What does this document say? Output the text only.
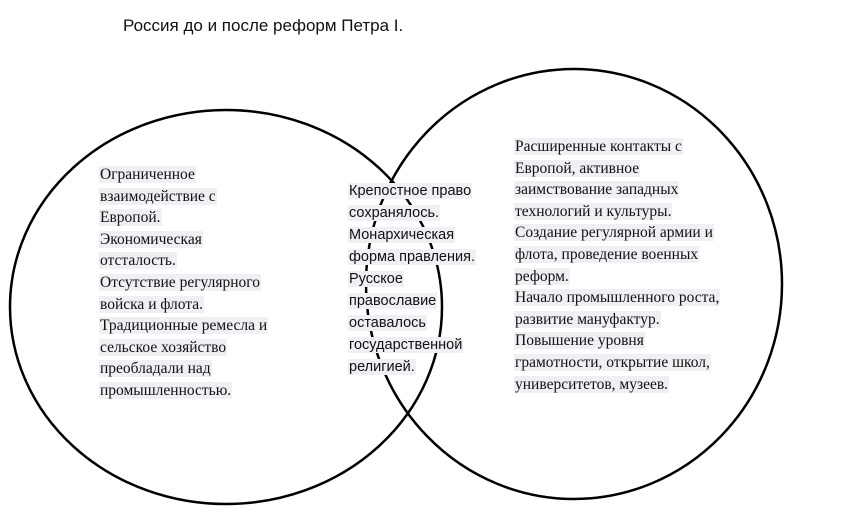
Россия до и после реформ Петра I.
Ограниченное
взаимодействие с
Европой.
Экономическая
отсталость.
Отсутствие регулярного
войска и флота.
Традиционные ремесла и
сельское хозяйство
преобладали над
промышленностью.
Крепостное право
сохранялось.
Монархическая
форма правления.
Русское
православие
оставалось
государственной
религией.
Расширенные контакты с
Европой, активное
заимствование западных
технологий и культуры.
Создание регулярной армии и
флота, проведение военных
реформ.
Начало промышленного роста,
развитие мануфактур.
Повышение уровня
грамотности, открытие школ,
университетов, музеев.
